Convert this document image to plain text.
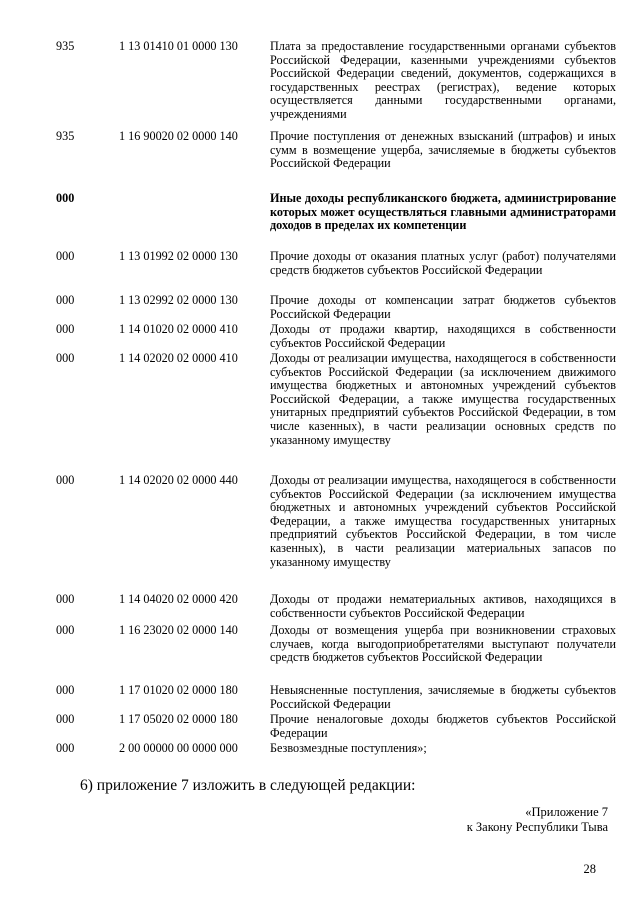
935	1 13 01410 01 0000 130	Плата за предоставление государственными органами субъектов Российской Федерации, казенными учреждениями субъектов Российской Федерации сведений, документов, содержащихся в государственных реестрах (регистрах), ведение которых осуществляется данными государственными органами, учреждениями
935	1 16 90020 02 0000 140	Прочие поступления от денежных взысканий (штрафов) и иных сумм в возмещение ущерба, зачисляемые в бюджеты субъектов Российской Федерации
000	Иные доходы республиканского бюджета, администрирование которых может осуществляться главными администраторами доходов в пределах их компетенции
000	1 13 01992 02 0000 130	Прочие доходы от оказания платных услуг (работ) получателями средств бюджетов субъектов Российской Федерации
000	1 13 02992 02 0000 130	Прочие доходы от компенсации затрат бюджетов субъектов Российской Федерации
000	1 14 01020 02 0000 410	Доходы от продажи квартир, находящихся в собственности субъектов Российской Федерации
000	1 14 02020 02 0000 410	Доходы от реализации имущества, находящегося в собственности субъектов Российской Федерации (за исключением движимого имущества бюджетных и автономных учреждений субъектов Российской Федерации, а также имущества государственных унитарных предприятий субъектов Российской Федерации, в том числе казенных), в части реализации основных средств по указанному имуществу
000	1 14 02020 02 0000 440	Доходы от реализации имущества, находящегося в собственности субъектов Российской Федерации (за исключением имущества бюджетных и автономных учреждений субъектов Российской Федерации, а также имущества государственных унитарных предприятий субъектов Российской Федерации, в том числе казенных), в части реализации материальных запасов по указанному имуществу
000	1 14 04020 02 0000 420	Доходы от продажи нематериальных активов, находящихся в собственности субъектов Российской Федерации
000	1 16 23020 02 0000 140	Доходы от возмещения ущерба при возникновении страховых случаев, когда выгодоприобретателями выступают получатели средств бюджетов субъектов Российской Федерации
000	1 17 01020 02 0000 180	Невыясненные поступления, зачисляемые в бюджеты субъектов Российской Федерации
000	1 17 05020 02 0000 180	Прочие неналоговые доходы бюджетов субъектов Российской Федерации
000	2 00 00000 00 0000 000	Безвозмездные поступления»;
6) приложение 7 изложить в следующей редакции:
«Приложение 7
к Закону Республики Тыва
28
